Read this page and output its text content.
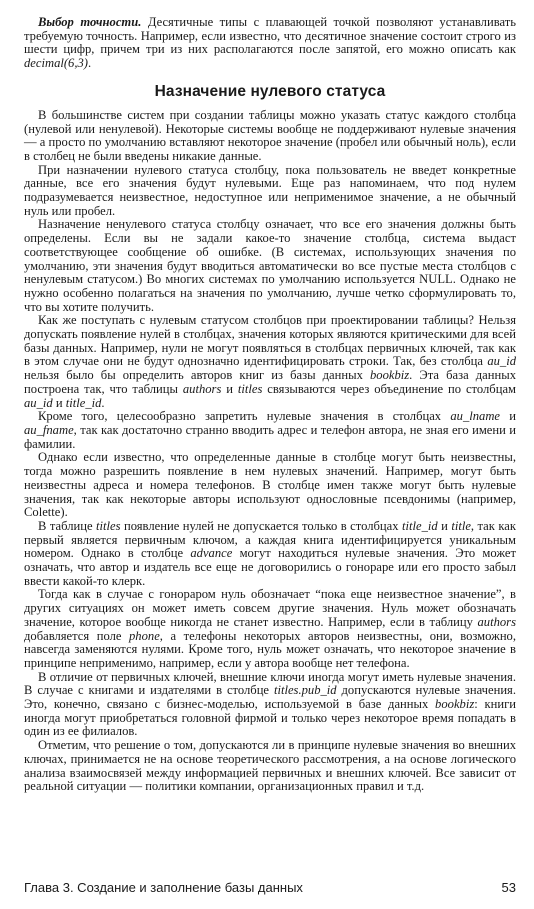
Выбор точности. Десятичные типы с плавающей точкой позволяют устанавливать требуемую точность. Например, если известно, что десятичное значение состоит строго из шести цифр, причем три из них располагаются после запятой, его можно описать как decimal(6,3).

Назначение нулевого статуса

В большинстве систем при создании таблицы можно указать статус каждого столбца (нулевой или ненулевой). Некоторые системы вообще не поддерживают нулевые значения — а просто по умолчанию вставляют некоторое значение (пробел или обычный ноль), если в столбец не были введены никакие данные.

При назначении нулевого статуса столбцу, пока пользователь не введет конкретные данные, все его значения будут нулевыми. Еще раз напоминаем, что под нулем подразумевается неизвестное, недоступное или неприменимое значение, а не обычный нуль или пробел.

Назначение ненулевого статуса столбцу означает, что все его значения должны быть определены. Если вы не задали какое-то значение столбца, система выдаст соответствующее сообщение об ошибке. (В системах, использующих значения по умолчанию, эти значения будут вводиться автоматически во все пустые места столбцов с ненулевым статусом.) Во многих системах по умолчанию используется NULL. Однако не нужно особенно полагаться на значения по умолчанию, лучше четко сформулировать то, что вы хотите получить.

Как же поступать с нулевым статусом столбцов при проектировании таблицы? Нельзя допускать появление нулей в столбцах, значения которых являются критическими для всей базы данных. Например, нули не могут появляться в столбцах первичных ключей, так как в этом случае они не будут однозначно идентифицировать строки. Так, без столбца au_id нельзя было бы определить авторов книг из базы данных bookbiz. Эта база данных построена так, что таблицы authors и titles связываются через объединение по столбцам au_id и title_id.

Кроме того, целесообразно запретить нулевые значения в столбцах au_lname и au_fname, так как достаточно странно вводить адрес и телефон автора, не зная его имени и фамилии.

Однако если известно, что определенные данные в столбце могут быть неизвестны, тогда можно разрешить появление в нем нулевых значений. Например, могут быть неизвестны адреса и номера телефонов. В столбце имен также могут быть нулевые значения, так как некоторые авторы используют однословные псевдонимы (например, Colette).

В таблице titles появление нулей не допускается только в столбцах title_id и title, так как первый является первичным ключом, а каждая книга идентифицируется уникальным номером. Однако в столбце advance могут находиться нулевые значения. Это может означать, что автор и издатель все еще не договорились о гонораре или его просто забыл ввести какой-то клерк.

Тогда как в случае с гонораром нуль обозначает “пока еще неизвестное значение”, в других ситуациях он может иметь совсем другие значения. Нуль может обозначать значение, которое вообще никогда не станет известно. Например, если в таблицу authors добавляется поле phone, а телефоны некоторых авторов неизвестны, они, возможно, навсегда заменяются нулями. Кроме того, нуль может означать, что некоторое значение в принципе неприменимо, например, если у автора вообще нет телефона.

В отличие от первичных ключей, внешние ключи иногда могут иметь нулевые значения. В случае с книгами и издателями в столбце titles.pub_id допускаются нулевые значения. Это, конечно, связано с бизнес-моделью, используемой в базе данных bookbiz: книги иногда могут приобретаться головной фирмой и только через некоторое время попадать в один из ее филиалов.

Отметим, что решение о том, допускаются ли в принципе нулевые значения во внешних ключах, принимается не на основе теоретического рассмотрения, а на основе логического анализа взаимосвязей между информацией первичных и внешних ключей. Все зависит от реальной ситуации — политики компании, организационных правил и т.д.

Глава 3. Создание и заполнение базы данных	53
